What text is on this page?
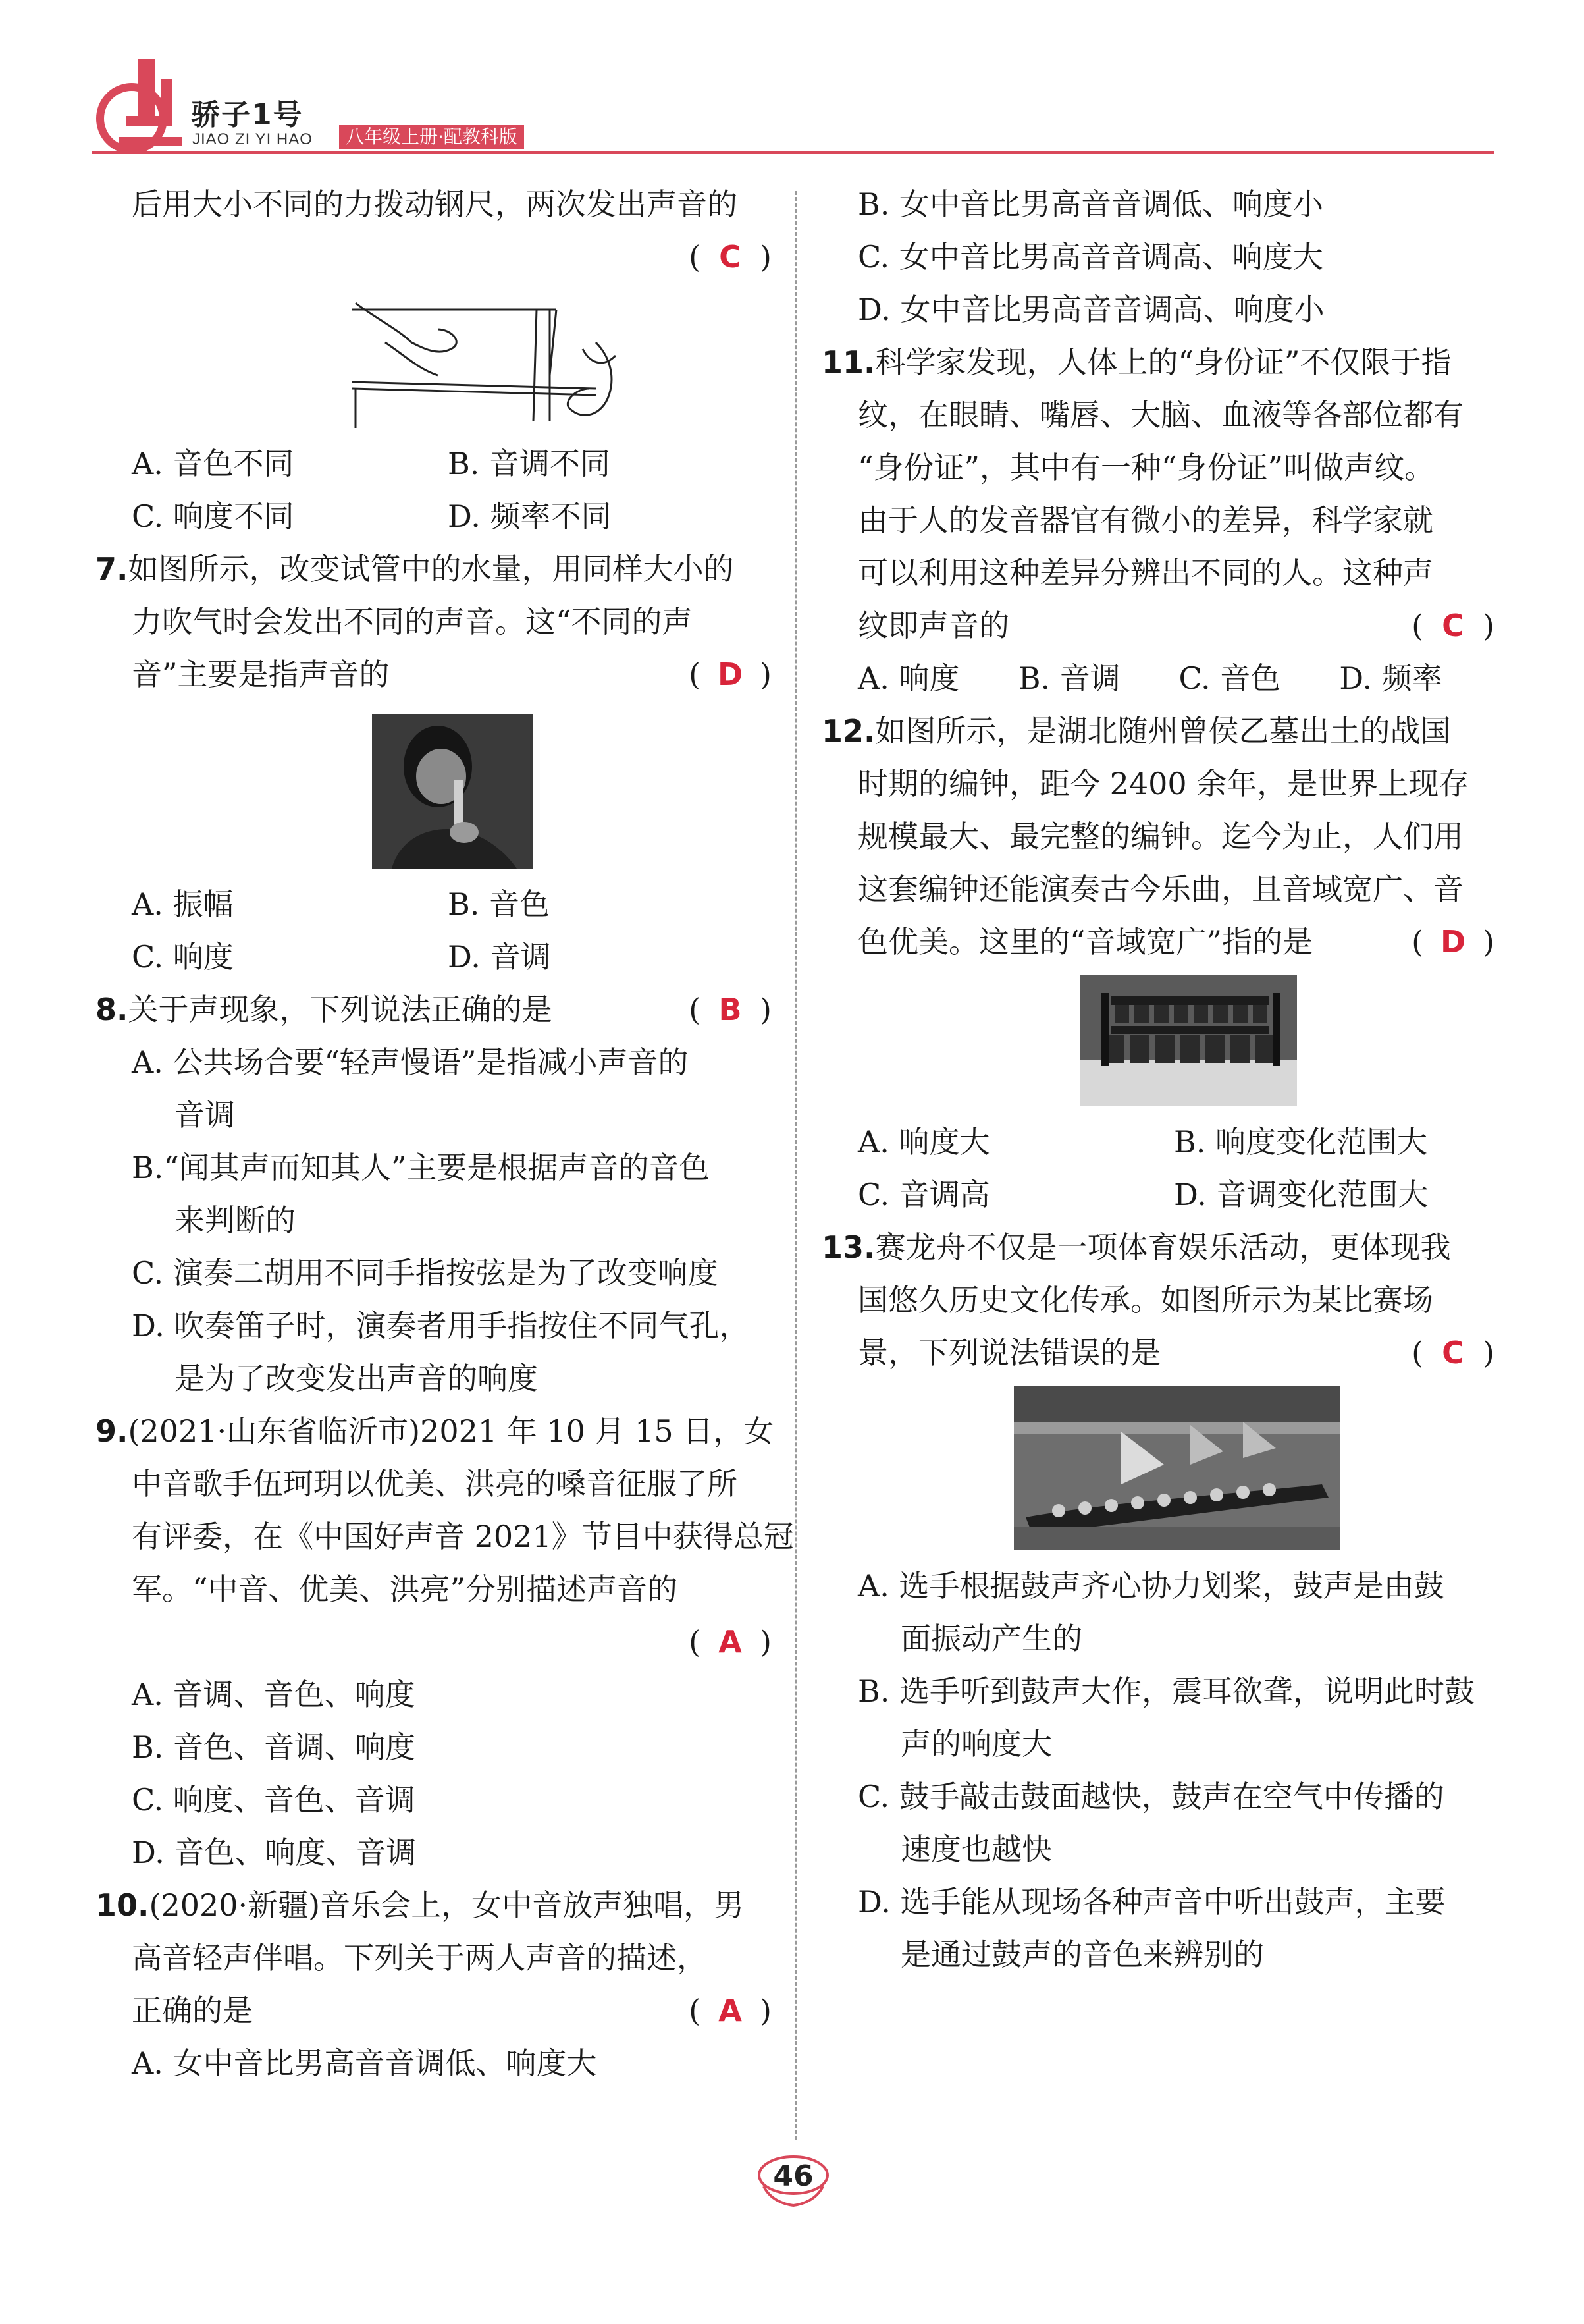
骄子1号
JIAO ZI YI HAO	八年级上册·配教科版
后用大小不同的力拨动钢尺，两次发出声音的
( C )
A. 音色不同	B. 音调不同
C. 响度不同	D. 频率不同
7.如图所示，改变试管中的水量，用同样大小的
力吹气时会发出不同的声音。这“不同的声
音”主要是指声音的	( D )
A. 振幅	B. 音色
C. 响度	D. 音调
8.关于声现象，下列说法正确的是	( B )
A. 公共场合要“轻声慢语”是指减小声音的
音调
B.“闻其声而知其人”主要是根据声音的音色
来判断的
C. 演奏二胡用不同手指按弦是为了改变响度
D. 吹奏笛子时，演奏者用手指按住不同气孔，
是为了改变发出声音的响度
9.(2021·山东省临沂市)2021 年 10 月 15 日，女
中音歌手伍珂玥以优美、洪亮的嗓音征服了所
有评委，在《中国好声音 2021》节目中获得总冠
军。“中音、优美、洪亮”分别描述声音的
( A )
A. 音调、音色、响度
B. 音色、音调、响度
C. 响度、音色、音调
D. 音色、响度、音调
10.(2020·新疆)音乐会上，女中音放声独唱，男
高音轻声伴唱。下列关于两人声音的描述，
正确的是	( A )
A. 女中音比男高音音调低、响度大
B. 女中音比男高音音调低、响度小
C. 女中音比男高音音调高、响度大
D. 女中音比男高音音调高、响度小
11.科学家发现，人体上的“身份证”不仅限于指
纹，在眼睛、嘴唇、大脑、血液等各部位都有
“身份证”，其中有一种“身份证”叫做声纹。
由于人的发音器官有微小的差异，科学家就
可以利用这种差异分辨出不同的人。这种声
纹即声音的	( C )
A. 响度	B. 音调	C. 音色	D. 频率
12.如图所示，是湖北随州曾侯乙墓出土的战国
时期的编钟，距今 2400 余年，是世界上现存
规模最大、最完整的编钟。迄今为止，人们用
这套编钟还能演奏古今乐曲，且音域宽广、音
色优美。这里的“音域宽广”指的是	( D )
A. 响度大	B. 响度变化范围大
C. 音调高	D. 音调变化范围大
13.赛龙舟不仅是一项体育娱乐活动，更体现我
国悠久历史文化传承。如图所示为某比赛场
景，下列说法错误的是	( C )
A. 选手根据鼓声齐心协力划桨，鼓声是由鼓
面振动产生的
B. 选手听到鼓声大作，震耳欲聋，说明此时鼓
声的响度大
C. 鼓手敲击鼓面越快，鼓声在空气中传播的
速度也越快
D. 选手能从现场各种声音中听出鼓声，主要
是通过鼓声的音色来辨别的
46
